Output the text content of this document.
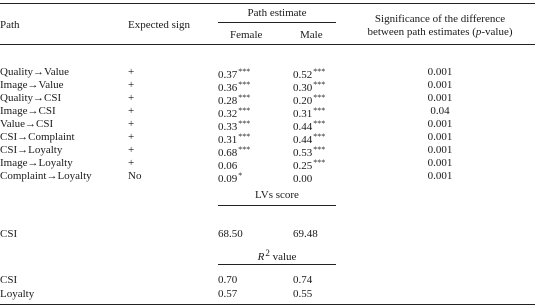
Path	Expected sign
Path estimate
Female	Male
Significance of the difference
between path estimates (p-value)
Quality→Value	+	0.37***	0.52***	0.001
Image→Value	+	0.36***	0.30***	0.001
Quality→CSI	+	0.28***	0.20***	0.001
Image→CSI	+	0.32***	0.31***	0.04
Value→CSI	+	0.33***	0.44***	0.001
CSI→Complaint	+	0.31***	0.44***	0.001
CSI→Loyalty	+	0.68***	0.53***	0.001
Image→Loyalty	+	0.06	0.25***	0.001
Complaint→Loyalty	No	0.09*	0.00	0.001
LVs score
CSI	68.50	69.48
$R^2$ value
CSI	0.70	0.74
Loyalty	0.57	0.55
